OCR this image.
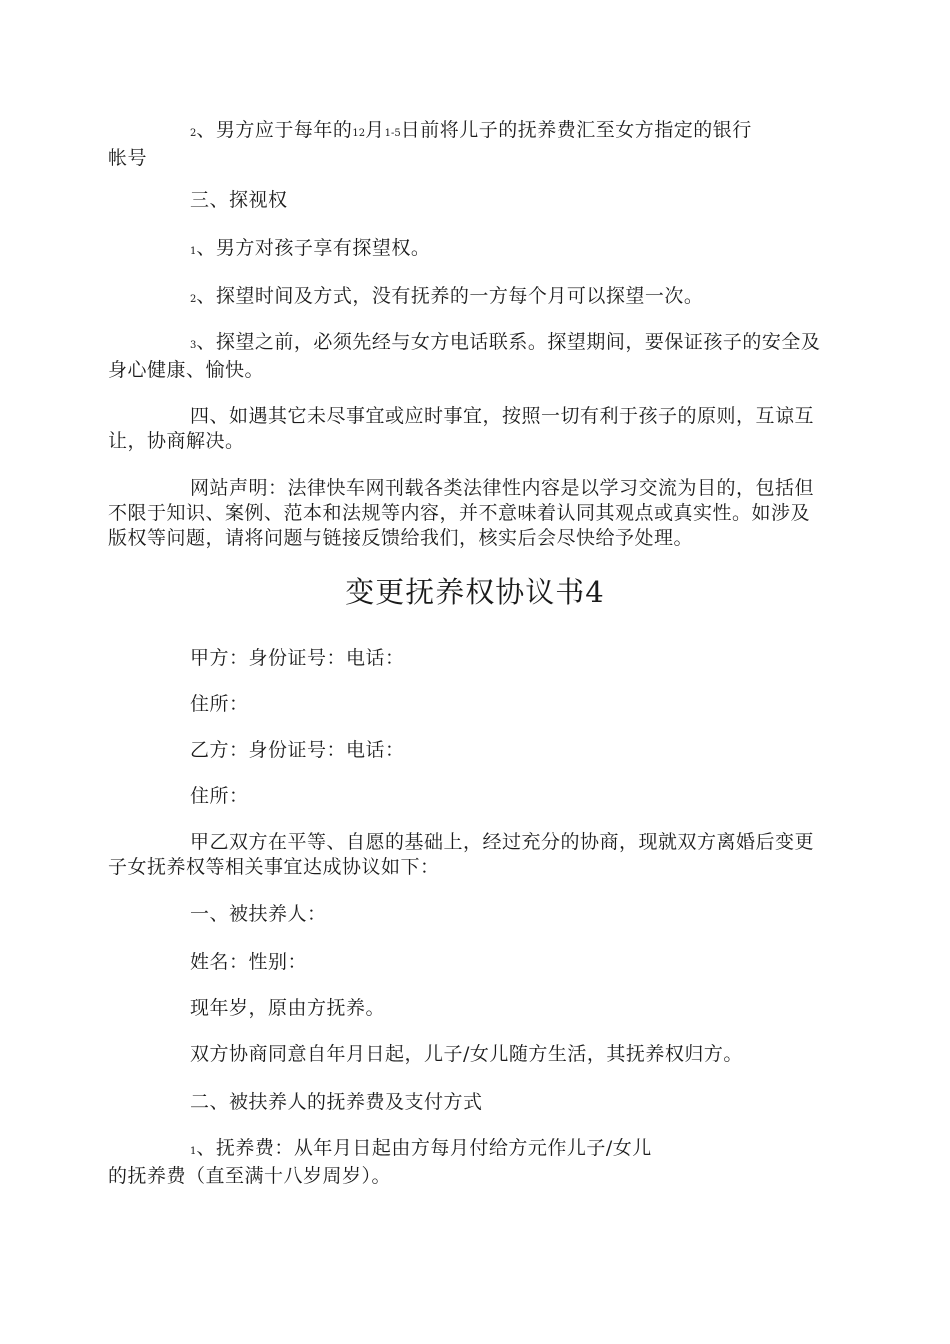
2、男方应于每年的12月1-5日前将儿子的抚养费汇至女方指定的银行
帐号

三、探视权

1、男方对孩子享有探望权。

2、探望时间及方式，没有抚养的一方每个月可以探望一次。

3、探望之前，必须先经与女方电话联系。探望期间，要保证孩子的安全及
身心健康、愉快。

四、如遇其它未尽事宜或应时事宜，按照一切有利于孩子的原则，互谅互
让，协商解决。

网站声明：法律快车网刊载各类法律性内容是以学习交流为目的，包括但
不限于知识、案例、范本和法规等内容，并不意味着认同其观点或真实性。如涉及
版权等问题，请将问题与链接反馈给我们，核实后会尽快给予处理。

变更抚养权协议书4

甲方：身份证号：电话：

住所：

乙方：身份证号：电话：

住所：

甲乙双方在平等、自愿的基础上，经过充分的协商，现就双方离婚后变更
子女抚养权等相关事宜达成协议如下：

一、被扶养人：

姓名：性别：

现年岁，原由方抚养。

双方协商同意自年月日起，儿子/女儿随方生活，其抚养权归方。

二、被扶养人的抚养费及支付方式

1、抚养费：从年月日起由方每月付给方元作儿子/女儿
的抚养费（直至满十八岁周岁）。
